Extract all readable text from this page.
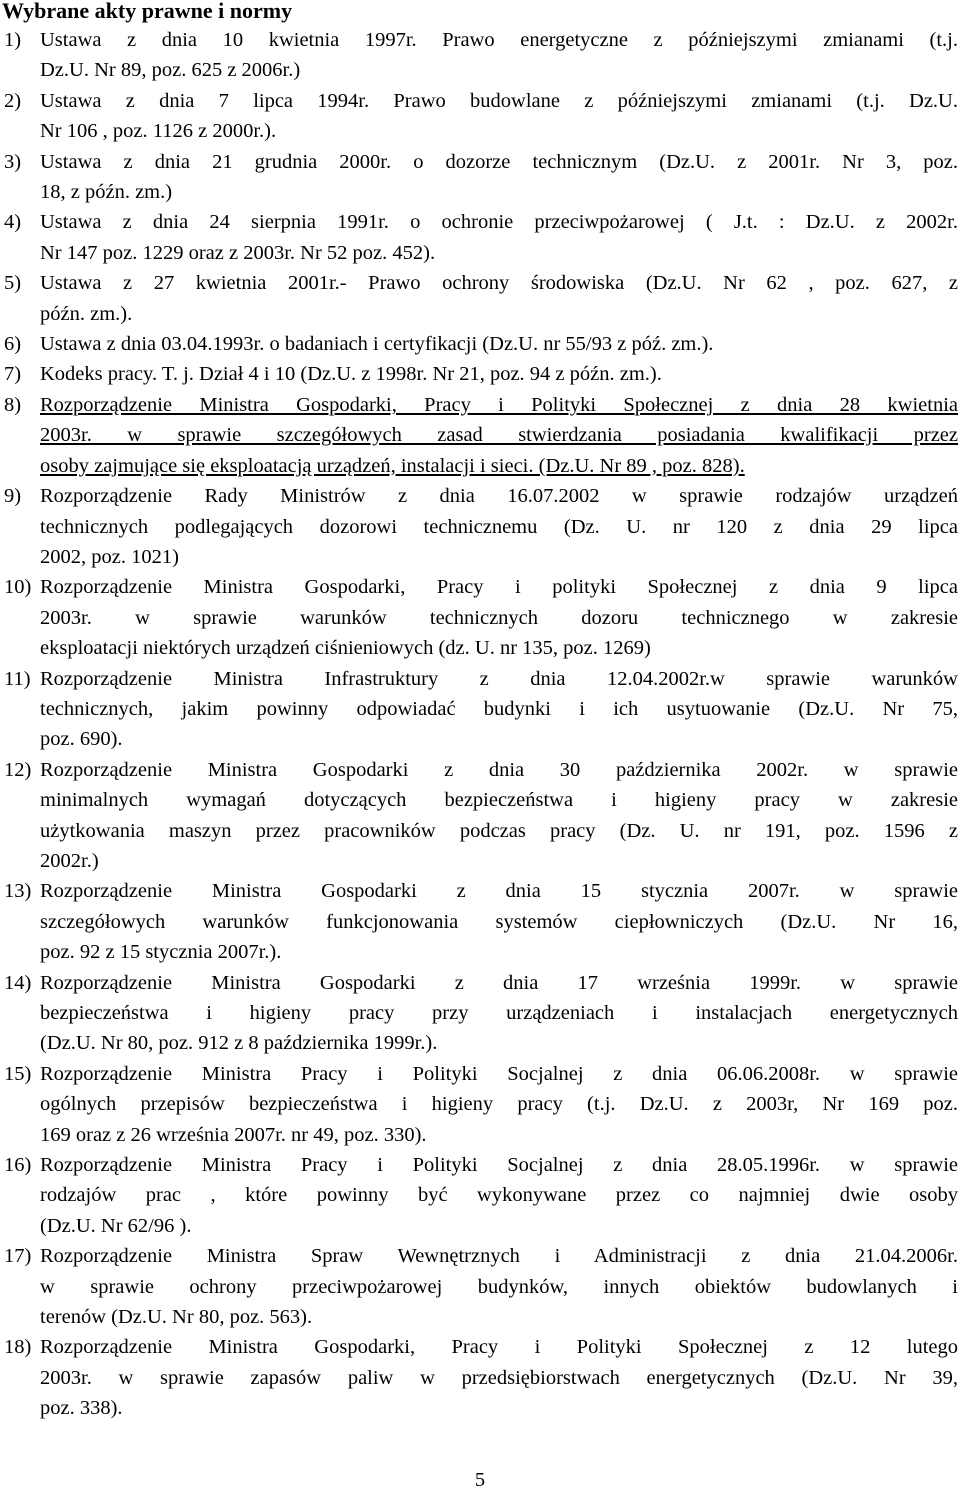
Wybrane akty prawne i normy
1) Ustawa z dnia 10 kwietnia 1997r. Prawo energetyczne z późniejszymi zmianami (t.j.
Dz.U. Nr 89, poz. 625 z 2006r.)
2) Ustawa z dnia 7 lipca 1994r. Prawo budowlane z późniejszymi zmianami (t.j. Dz.U.
Nr 106 , poz. 1126 z 2000r.).
3) Ustawa z dnia 21 grudnia 2000r. o dozorze technicznym (Dz.U. z 2001r. Nr 3, poz.
18, z późn. zm.)
4) Ustawa z dnia 24 sierpnia 1991r. o ochronie przeciwpożarowej ( J.t. : Dz.U. z 2002r.
Nr 147 poz. 1229 oraz z 2003r. Nr 52 poz. 452).
5) Ustawa z 27 kwietnia 2001r.- Prawo ochrony środowiska (Dz.U. Nr 62 , poz. 627, z
późn. zm.).
6) Ustawa z dnia 03.04.1993r. o badaniach i certyfikacji (Dz.U. nr 55/93 z póź. zm.).
7) Kodeks pracy. T. j. Dział 4 i 10 (Dz.U. z 1998r. Nr 21, poz. 94 z późn. zm.).
8) Rozporządzenie Ministra Gospodarki, Pracy i Polityki Społecznej z dnia 28 kwietnia
2003r. w sprawie szczegółowych zasad stwierdzania posiadania kwalifikacji przez
osoby zajmujące się eksploatacją urządzeń, instalacji i sieci. (Dz.U. Nr 89 , poz. 828).
9) Rozporządzenie Rady Ministrów z dnia 16.07.2002 w sprawie rodzajów urządzeń
technicznych podlegających dozorowi technicznemu (Dz. U. nr 120 z dnia 29 lipca
2002, poz. 1021)
10) Rozporządzenie Ministra Gospodarki, Pracy i polityki Społecznej z dnia 9 lipca
2003r. w sprawie warunków technicznych dozoru technicznego w zakresie
eksploatacji niektórych urządzeń ciśnieniowych (dz. U. nr 135, poz. 1269)
11) Rozporządzenie Ministra Infrastruktury z dnia 12.04.2002r.w sprawie warunków
technicznych, jakim powinny odpowiadać budynki i ich usytuowanie (Dz.U. Nr 75,
poz. 690).
12) Rozporządzenie Ministra Gospodarki z dnia 30 października 2002r. w sprawie
minimalnych wymagań dotyczących bezpieczeństwa i higieny pracy w zakresie
użytkowania maszyn przez pracowników podczas pracy (Dz. U. nr 191, poz. 1596 z
2002r.)
13) Rozporządzenie Ministra Gospodarki z dnia 15 stycznia 2007r. w sprawie
szczegółowych warunków funkcjonowania systemów ciepłowniczych (Dz.U. Nr 16,
poz. 92 z 15 stycznia 2007r.).
14) Rozporządzenie Ministra Gospodarki z dnia 17 września 1999r. w sprawie
bezpieczeństwa i higieny pracy przy urządzeniach i instalacjach energetycznych
(Dz.U. Nr 80, poz. 912 z 8 października 1999r.).
15) Rozporządzenie Ministra Pracy i Polityki Socjalnej z dnia 06.06.2008r. w sprawie
ogólnych przepisów bezpieczeństwa i higieny pracy (t.j. Dz.U. z 2003r, Nr 169 poz.
169 oraz z 26 września 2007r. nr 49, poz. 330).
16) Rozporządzenie Ministra Pracy i Polityki Socjalnej z dnia 28.05.1996r. w sprawie
rodzajów prac , które powinny być wykonywane przez co najmniej dwie osoby
(Dz.U. Nr 62/96 ).
17) Rozporządzenie Ministra Spraw Wewnętrznych i Administracji z dnia 21.04.2006r.
w sprawie ochrony przeciwpożarowej budynków, innych obiektów budowlanych i
terenów (Dz.U. Nr 80, poz. 563).
18) Rozporządzenie Ministra Gospodarki, Pracy i Polityki Społecznej z 12 lutego
2003r. w sprawie zapasów paliw w przedsiębiorstwach energetycznych (Dz.U. Nr 39,
poz. 338).
5
